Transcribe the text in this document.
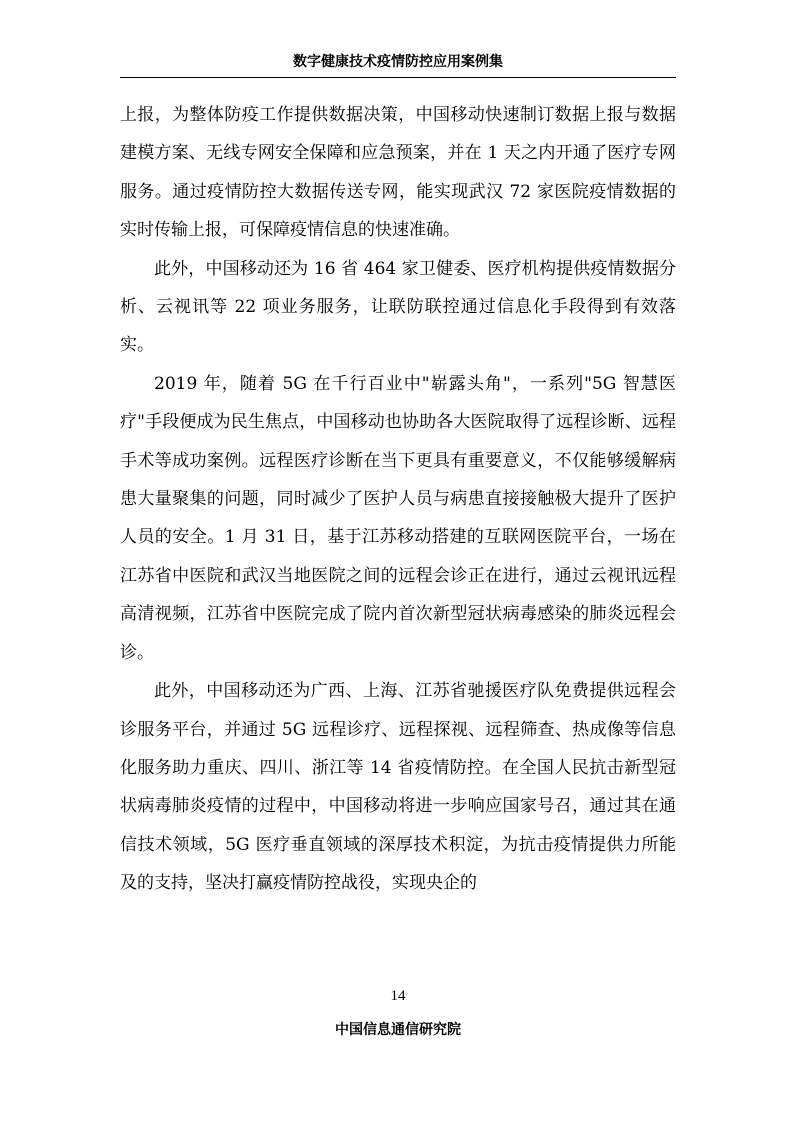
数字健康技术疫情防控应用案例集

上报，为整体防疫工作提供数据决策，中国移动快速制订数据上报与数据建模方案、无线专网安全保障和应急预案，并在 1 天之内开通了医疗专网服务。通过疫情防控大数据传送专网，能实现武汉 72 家医院疫情数据的实时传输上报，可保障疫情信息的快速准确。

此外，中国移动还为 16 省 464 家卫健委、医疗机构提供疫情数据分析、云视讯等 22 项业务服务，让联防联控通过信息化手段得到有效落实。

2019 年，随着 5G 在千行百业中"崭露头角"，一系列"5G 智慧医疗"手段便成为民生焦点，中国移动也协助各大医院取得了远程诊断、远程手术等成功案例。远程医疗诊断在当下更具有重要意义，不仅能够缓解病患大量聚集的问题，同时减少了医护人员与病患直接接触极大提升了医护人员的安全。1 月 31 日，基于江苏移动搭建的互联网医院平台，一场在江苏省中医院和武汉当地医院之间的远程会诊正在进行，通过云视讯远程高清视频，江苏省中医院完成了院内首次新型冠状病毒感染的肺炎远程会诊。

此外，中国移动还为广西、上海、江苏省驰援医疗队免费提供远程会诊服务平台，并通过 5G 远程诊疗、远程探视、远程筛查、热成像等信息化服务助力重庆、四川、浙江等 14 省疫情防控。在全国人民抗击新型冠状病毒肺炎疫情的过程中，中国移动将进一步响应国家号召，通过其在通信技术领域，5G 医疗垂直领域的深厚技术积淀，为抗击疫情提供力所能及的支持，坚决打赢疫情防控战役，实现央企的

14
中国信息通信研究院
